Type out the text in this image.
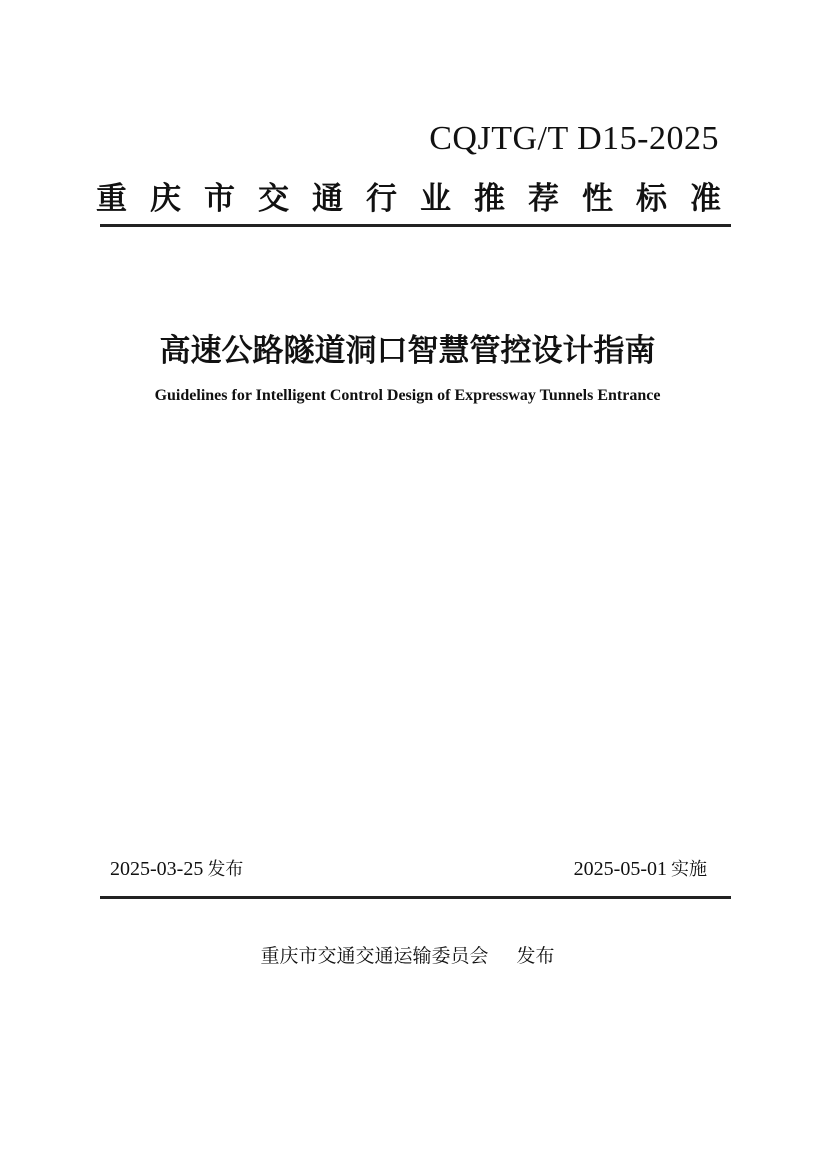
CQJTG/T D15-2025
重 庆 市 交 通 行 业 推 荐 性 标 准
高速公路隧道洞口智慧管控设计指南
Guidelines for Intelligent Control Design of Expressway Tunnels Entrance
2025-03-25 发布	2025-05-01 实施
重庆市交通交通运输委员会 发布
